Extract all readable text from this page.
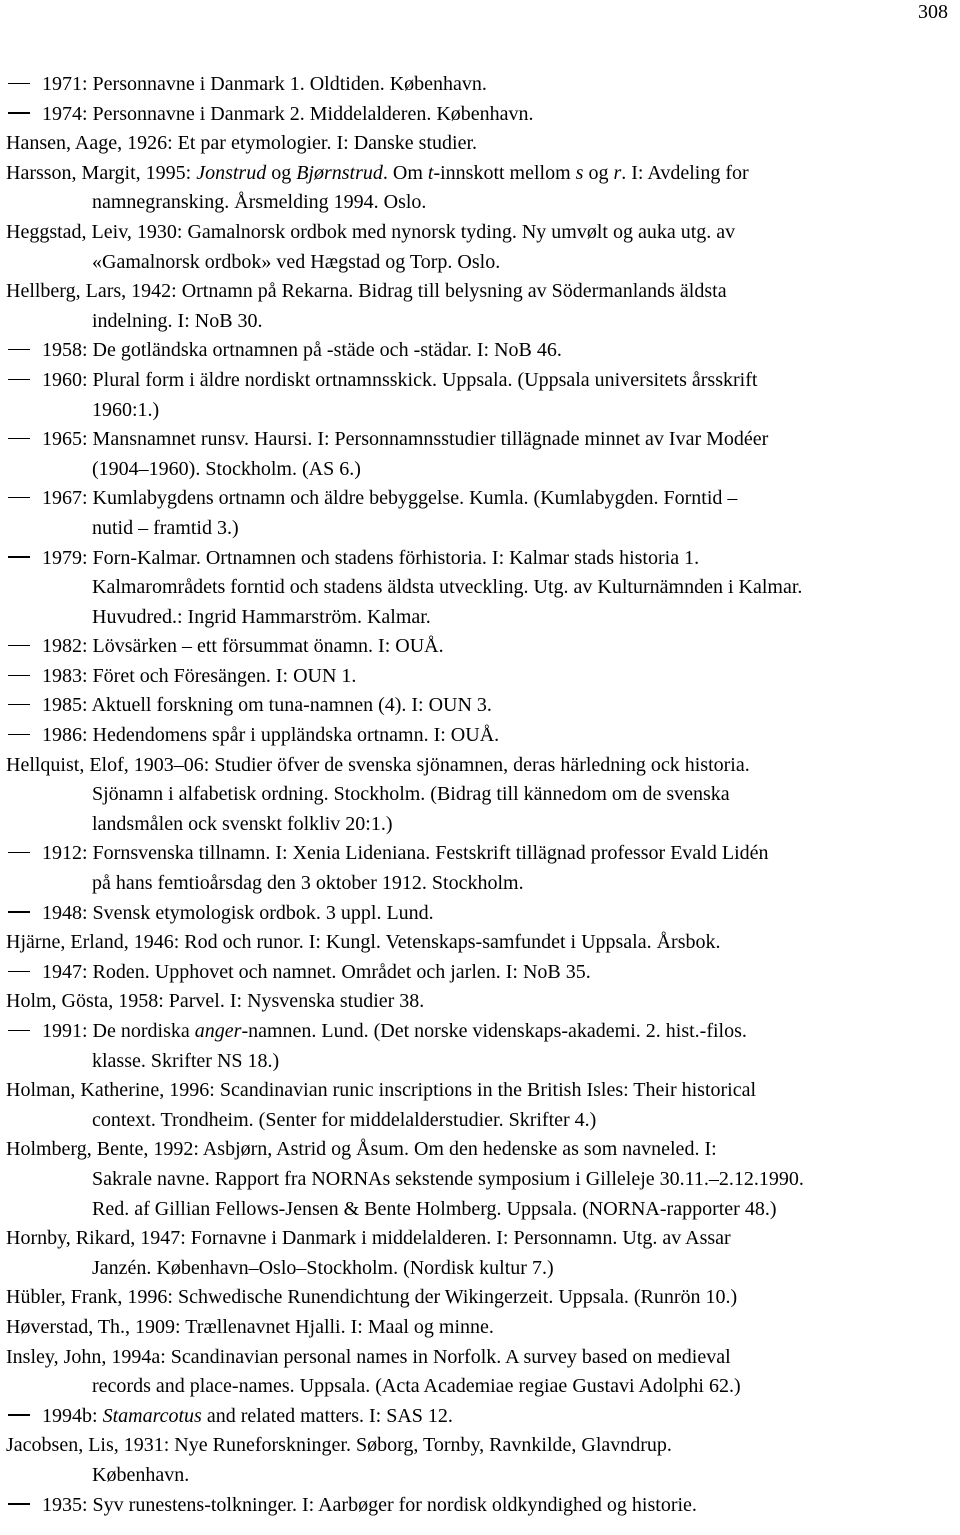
308
1971: Personnavne i Danmark 1. Oldtiden. København.
1974: Personnavne i Danmark 2. Middelalderen. København.
Hansen, Aage, 1926: Et par etymologier. I: Danske studier.
Harsson, Margit, 1995: Jonstrud og Bjørnstrud. Om t-innskott mellom s og r. I: Avdeling for
namnegransking. Årsmelding 1994. Oslo.
Heggstad, Leiv, 1930: Gamalnorsk ordbok med nynorsk tyding. Ny umvølt og auka utg. av
«Gamalnorsk ordbok» ved Hægstad og Torp. Oslo.
Hellberg, Lars, 1942: Ortnamn på Rekarna. Bidrag till belysning av Södermanlands äldsta
indelning. I: NoB 30.
1958: De gotländska ortnamnen på -städe och -städar. I: NoB 46.
1960: Plural form i äldre nordiskt ortnamnsskick. Uppsala. (Uppsala universitets årsskrift
1960:1.)
1965: Mansnamnet runsv. Haursi. I: Personnamnsstudier tillägnade minnet av Ivar Modéer
(1904–1960). Stockholm. (AS 6.)
1967: Kumlabygdens ortnamn och äldre bebyggelse. Kumla. (Kumlabygden. Forntid –
nutid – framtid 3.)
1979: Forn-Kalmar. Ortnamnen och stadens förhistoria. I: Kalmar stads historia 1.
Kalmarområdets forntid och stadens äldsta utveckling. Utg. av Kulturnämnden i Kalmar.
Huvudred.: Ingrid Hammarström. Kalmar.
1982: Lövsärken – ett försummat önamn. I: OUÅ.
1983: Föret och Föresängen. I: OUN 1.
1985: Aktuell forskning om tuna-namnen (4). I: OUN 3.
1986: Hedendomens spår i uppländska ortnamn. I: OUÅ.
Hellquist, Elof, 1903–06: Studier öfver de svenska sjönamnen, deras härledning ock historia.
Sjönamn i alfabetisk ordning. Stockholm. (Bidrag till kännedom om de svenska
landsmålen ock svenskt folkliv 20:1.)
1912: Fornsvenska tillnamn. I: Xenia Lideniana. Festskrift tillägnad professor Evald Lidén
på hans femtioårsdag den 3 oktober 1912. Stockholm.
1948: Svensk etymologisk ordbok. 3 uppl. Lund.
Hjärne, Erland, 1946: Rod och runor. I: Kungl. Vetenskaps-samfundet i Uppsala. Årsbok.
1947: Roden. Upphovet och namnet. Området och jarlen. I: NoB 35.
Holm, Gösta, 1958: Parvel. I: Nysvenska studier 38.
1991: De nordiska anger-namnen. Lund. (Det norske videnskaps-akademi. 2. hist.-filos.
klasse. Skrifter NS 18.)
Holman, Katherine, 1996: Scandinavian runic inscriptions in the British Isles: Their historical
context. Trondheim. (Senter for middelalderstudier. Skrifter 4.)
Holmberg, Bente, 1992: Asbjørn, Astrid og Åsum. Om den hedenske as som navneled. I:
Sakrale navne. Rapport fra NORNAs sekstende symposium i Gilleleje 30.11.–2.12.1990.
Red. af Gillian Fellows-Jensen & Bente Holmberg. Uppsala. (NORNA-rapporter 48.)
Hornby, Rikard, 1947: Fornavne i Danmark i middelalderen. I: Personnamn. Utg. av Assar
Janzén. København–Oslo–Stockholm. (Nordisk kultur 7.)
Hübler, Frank, 1996: Schwedische Runendichtung der Wikingerzeit. Uppsala. (Runrön 10.)
Høverstad, Th., 1909: Trællenavnet Hjalli. I: Maal og minne.
Insley, John, 1994a: Scandinavian personal names in Norfolk. A survey based on medieval
records and place-names. Uppsala. (Acta Academiae regiae Gustavi Adolphi 62.)
1994b: Stamarcotus and related matters. I: SAS 12.
Jacobsen, Lis, 1931: Nye Runeforskninger. Søborg, Tornby, Ravnkilde, Glavndrup.
København.
1935: Syv runestens-tolkninger. I: Aarbøger for nordisk oldkyndighed og historie.
